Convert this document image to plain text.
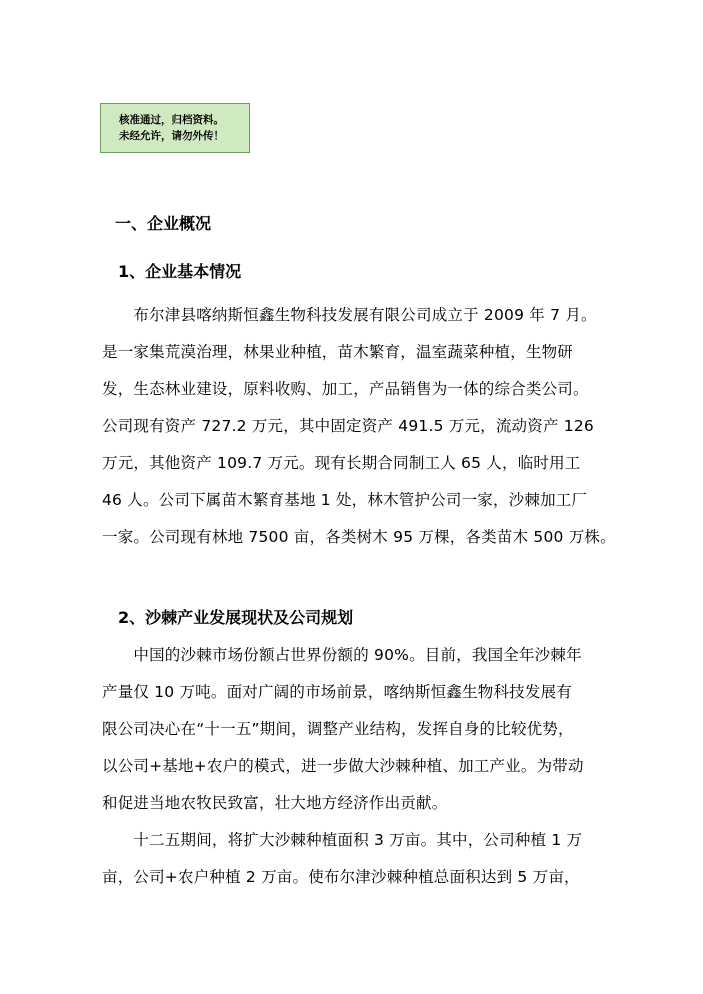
核准通过，归档资料。
未经允许，请勿外传！
一、企业概况
1、企业基本情况
　　布尔津县喀纳斯恒鑫生物科技发展有限公司成立于 2009 年 7 月。
是一家集荒漠治理，林果业种植，苗木繁育，温室蔬菜种植，生物研
发，生态林业建设，原料收购、加工，产品销售为一体的综合类公司。
公司现有资产 727.2 万元，其中固定资产 491.5 万元，流动资产 126
万元，其他资产 109.7 万元。现有长期合同制工人 65 人，临时用工
46 人。公司下属苗木繁育基地 1 处，林木管护公司一家，沙棘加工厂
一家。公司现有林地 7500 亩，各类树木 95 万棵，各类苗木 500 万株。
2、沙棘产业发展现状及公司规划
　　中国的沙棘市场份额占世界份额的 90%。目前，我国全年沙棘年
产量仅 10 万吨。面对广阔的市场前景，喀纳斯恒鑫生物科技发展有
限公司决心在“十一五”期间，调整产业结构，发挥自身的比较优势，
以公司+基地+农户的模式，进一步做大沙棘种植、加工产业。为带动
和促进当地农牧民致富，壮大地方经济作出贡献。
　　十二五期间，将扩大沙棘种植面积 3 万亩。其中，公司种植 1 万
亩，公司+农户种植 2 万亩。使布尔津沙棘种植总面积达到 5 万亩，
